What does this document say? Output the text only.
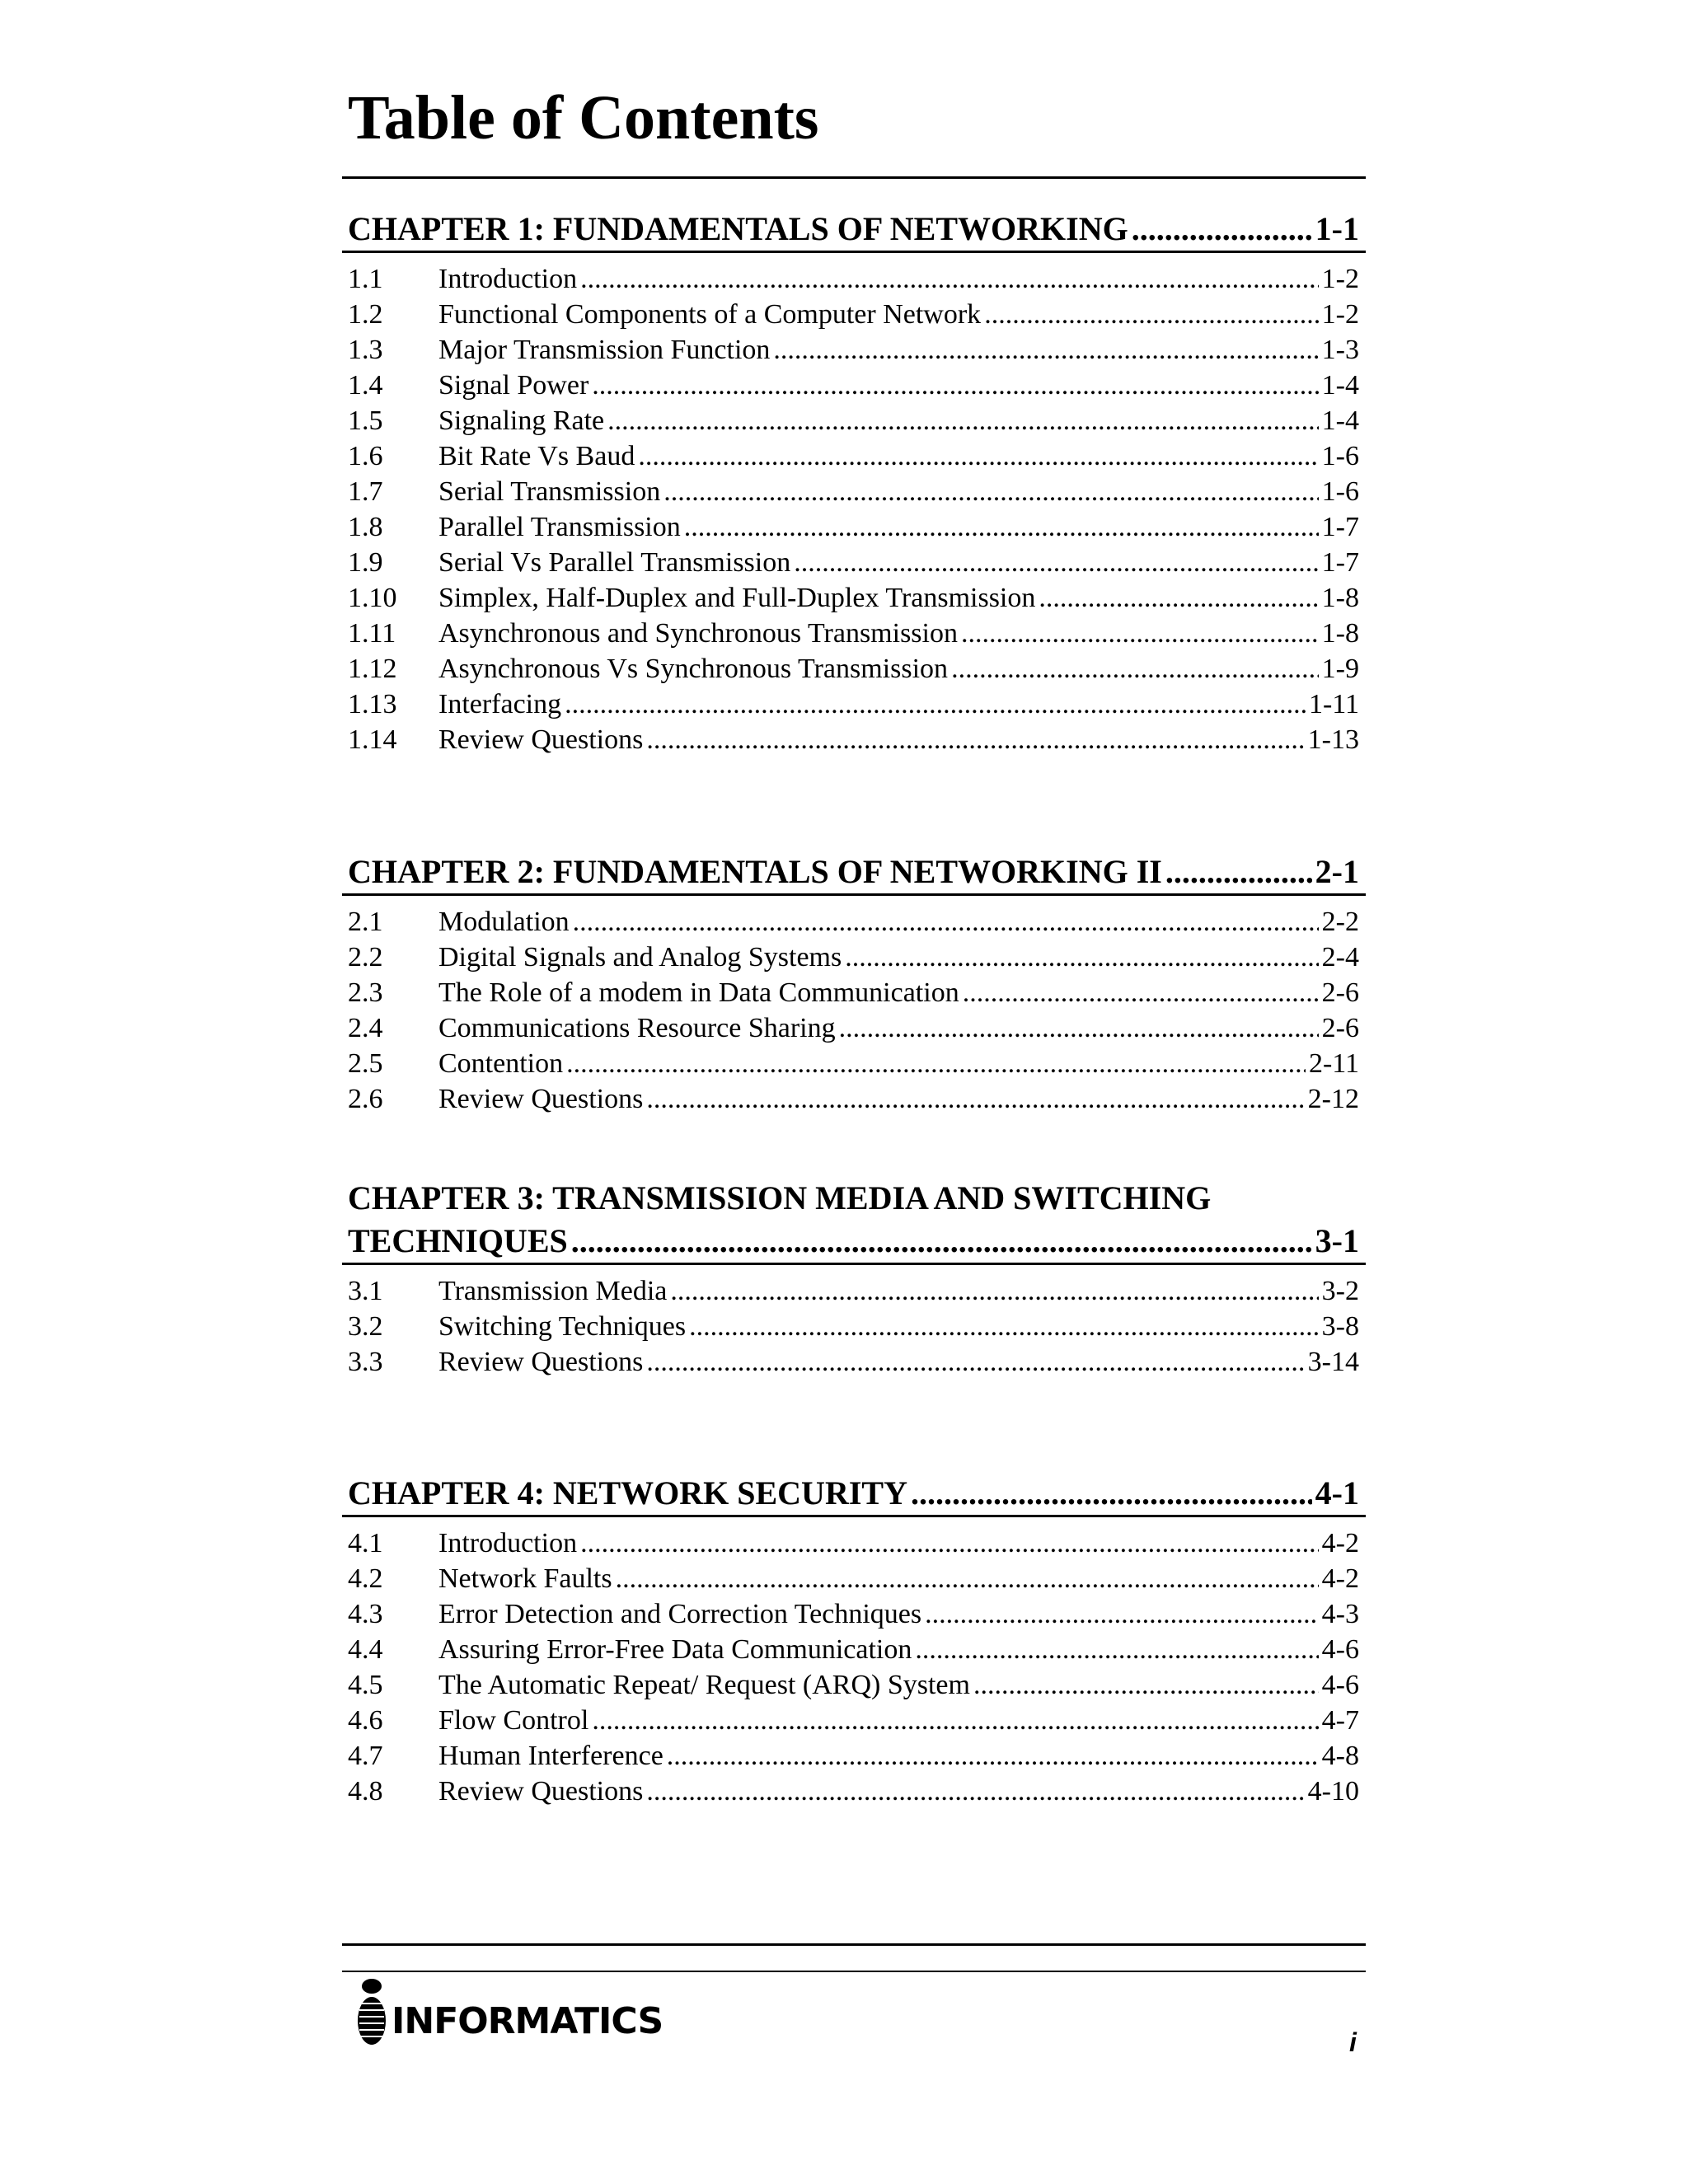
Table of Contents
CHAPTER 1: FUNDAMENTALS OF NETWORKING .....	1-1
1.1	Introduction .....	1-2
1.2	Functional Components of a Computer Network .....	1-2
1.3	Major Transmission Function .....	1-3
1.4	Signal Power .....	1-4
1.5	Signaling Rate .....	1-4
1.6	Bit Rate Vs Baud .....	1-6
1.7	Serial Transmission .....	1-6
1.8	Parallel Transmission .....	1-7
1.9	Serial Vs Parallel Transmission .....	1-7
1.10	Simplex, Half-Duplex and Full-Duplex Transmission .....	1-8
1.11	Asynchronous and Synchronous Transmission .....	1-8
1.12	Asynchronous Vs Synchronous Transmission .....	1-9
1.13	Interfacing .....	1-11
1.14	Review Questions .....	1-13
CHAPTER 2: FUNDAMENTALS OF NETWORKING II .....	2-1
2.1	Modulation .....	2-2
2.2	Digital Signals and Analog Systems .....	2-4
2.3	The Role of a modem in Data Communication .....	2-6
2.4	Communications Resource Sharing .....	2-6
2.5	Contention .....	2-11
2.6	Review Questions .....	2-12
CHAPTER 3: TRANSMISSION MEDIA AND SWITCHING
TECHNIQUES .....	3-1
3.1	Transmission Media .....	3-2
3.2	Switching Techniques .....	3-8
3.3	Review Questions .....	3-14
CHAPTER 4: NETWORK SECURITY .....	4-1
4.1	Introduction .....	4-2
4.2	Network Faults .....	4-2
4.3	Error Detection and Correction Techniques .....	4-3
4.4	Assuring Error-Free Data Communication .....	4-6
4.5	The Automatic Repeat/ Request (ARQ) System .....	4-6
4.6	Flow Control .....	4-7
4.7	Human Interference .....	4-8
4.8	Review Questions .....	4-10
INFORMATICS	i
